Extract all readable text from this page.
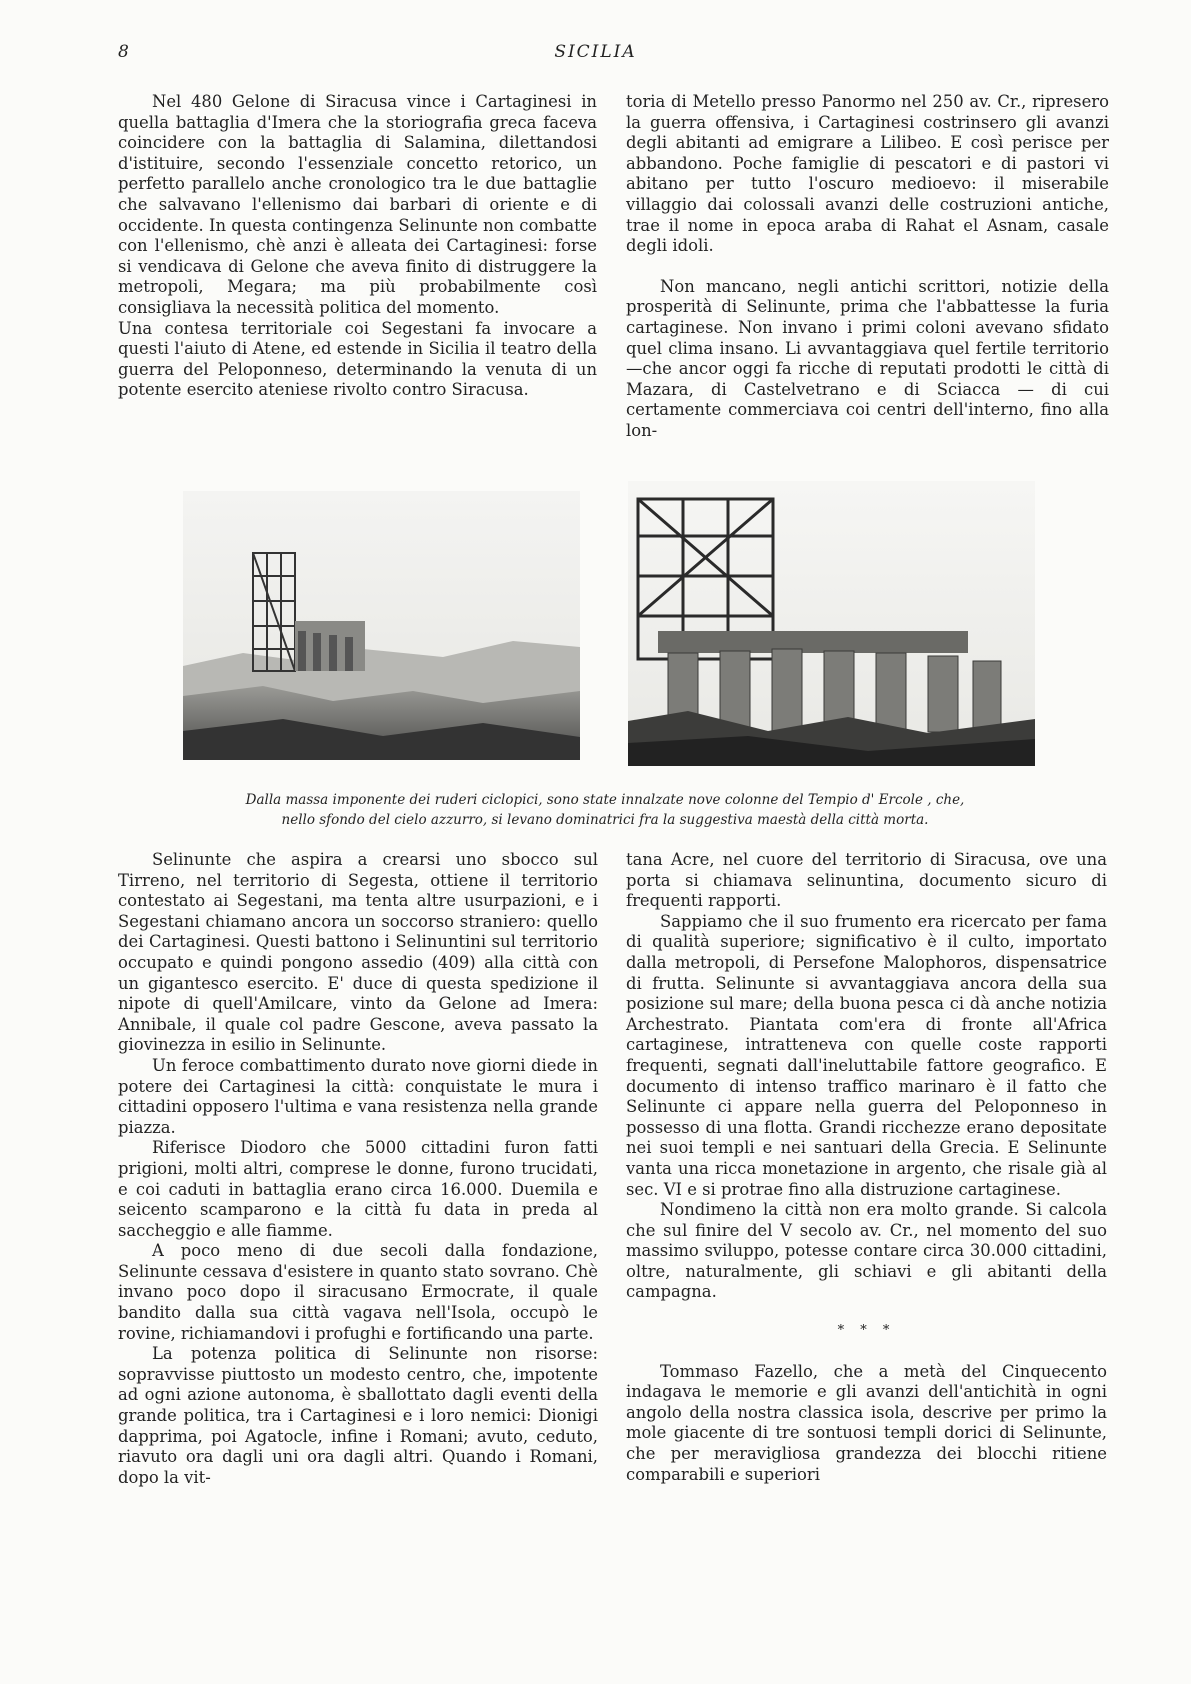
8	SICILIA

Nel 480 Gelone di Siracusa vince i Cartaginesi in quella battaglia d'Imera che la storiografia greca faceva coincidere con la battaglia di Salamina, dilettandosi d'istituire, secondo l'essenziale concetto retorico, un perfetto parallelo anche cronologico tra le due battaglie che salvavano l'ellenismo dai barbari di oriente e di occidente. In questa contingenza Selinunte non combatte con l'ellenismo, chè anzi è alleata dei Cartaginesi: forse si vendicava di Gelone che aveva finito di distruggere la metropoli, Megara; ma più probabilmente così consigliava la necessità politica del momento.

Una contesa territoriale coi Segestani fa invocare a questi l'aiuto di Atene, ed estende in Sicilia il teatro della guerra del Peloponneso, determinando la venuta di un potente esercito ateniese rivolto contro Siracusa.

toria di Metello presso Panormo nel 250 av. Cr., ripresero la guerra offensiva, i Cartaginesi costrinsero gli avanzi degli abitanti ad emigrare a Lilibeo. E così perisce per abbandono. Poche famiglie di pescatori e di pastori vi abitano per tutto l'oscuro medioevo: il miserabile villaggio dai colossali avanzi delle costruzioni antiche, trae il nome in epoca araba di Rahat el Asnam, casale degli idoli.

Non mancano, negli antichi scrittori, notizie della prosperità di Selinunte, prima che l'abbattesse la furia cartaginese. Non invano i primi coloni avevano sfidato quel clima insano. Li avvantaggiava quel fertile territorio—che ancor oggi fa ricche di reputati prodotti le città di Mazara, di Castelvetrano e di Sciacca — di cui certamente commerciava coi centri dell'interno, fino alla lon-

Dalla massa imponente dei ruderi ciclopici, sono state innalzate nove colonne del Tempio d' Ercole , che,
nello sfondo del cielo azzurro, si levano dominatrici fra la suggestiva maestà della città morta.

Selinunte che aspira a crearsi uno sbocco sul Tirreno, nel territorio di Segesta, ottiene il territorio contestato ai Segestani, ma tenta altre usurpazioni, e i Segestani chiamano ancora un soccorso straniero: quello dei Cartaginesi. Questi battono i Selinuntini sul territorio occupato e quindi pongono assedio (409) alla città con un gigantesco esercito. E' duce di questa spedizione il nipote di quell'Amilcare, vinto da Gelone ad Imera: Annibale, il quale col padre Gescone, aveva passato la giovinezza in esilio in Selinunte.

Un feroce combattimento durato nove giorni diede in potere dei Cartaginesi la città: conquistate le mura i cittadini opposero l'ultima e vana resistenza nella grande piazza.

Riferisce Diodoro che 5000 cittadini furon fatti prigioni, molti altri, comprese le donne, furono trucidati, e coi caduti in battaglia erano circa 16.000. Duemila e seicento scamparono e la città fu data in preda al saccheggio e alle fiamme.

A poco meno di due secoli dalla fondazione, Selinunte cessava d'esistere in quanto stato sovrano. Chè invano poco dopo il siracusano Ermocrate, il quale bandito dalla sua città vagava nell'Isola, occupò le rovine, richiamandovi i profughi e fortificando una parte.

La potenza politica di Selinunte non risorse: sopravvisse piuttosto un modesto centro, che, impotente ad ogni azione autonoma, è sballottato dagli eventi della grande politica, tra i Cartaginesi e i loro nemici: Dionigi dapprima, poi Agatocle, infine i Romani; avuto, ceduto, riavuto ora dagli uni ora dagli altri. Quando i Romani, dopo la vit-

tana Acre, nel cuore del territorio di Siracusa, ove una porta si chiamava selinuntina, documento sicuro di frequenti rapporti.

Sappiamo che il suo frumento era ricercato per fama di qualità superiore; significativo è il culto, importato dalla metropoli, di Persefone Malophoros, dispensatrice di frutta. Selinunte si avvantaggiava ancora della sua posizione sul mare; della buona pesca ci dà anche notizia Archestrato. Piantata com'era di fronte all'Africa cartaginese, intratteneva con quelle coste rapporti frequenti, segnati dall'ineluttabile fattore geografico. E documento di intenso traffico marinaro è il fatto che Selinunte ci appare nella guerra del Peloponneso in possesso di una flotta. Grandi ricchezze erano depositate nei suoi templi e nei santuari della Grecia. E Selinunte vanta una ricca monetazione in argento, che risale già al sec. VI e si protrae fino alla distruzione cartaginese.

Nondimeno la città non era molto grande. Si calcola che sul finire del V secolo av. Cr., nel momento del suo massimo sviluppo, potesse contare circa 30.000 cittadini, oltre, naturalmente, gli schiavi e gli abitanti della campagna.

* * *

Tommaso Fazello, che a metà del Cinquecento indagava le memorie e gli avanzi dell'antichità in ogni angolo della nostra classica isola, descrive per primo la mole giacente di tre sontuosi templi dorici di Selinunte, che per meravigliosa grandezza dei blocchi ritiene comparabili e superiori
